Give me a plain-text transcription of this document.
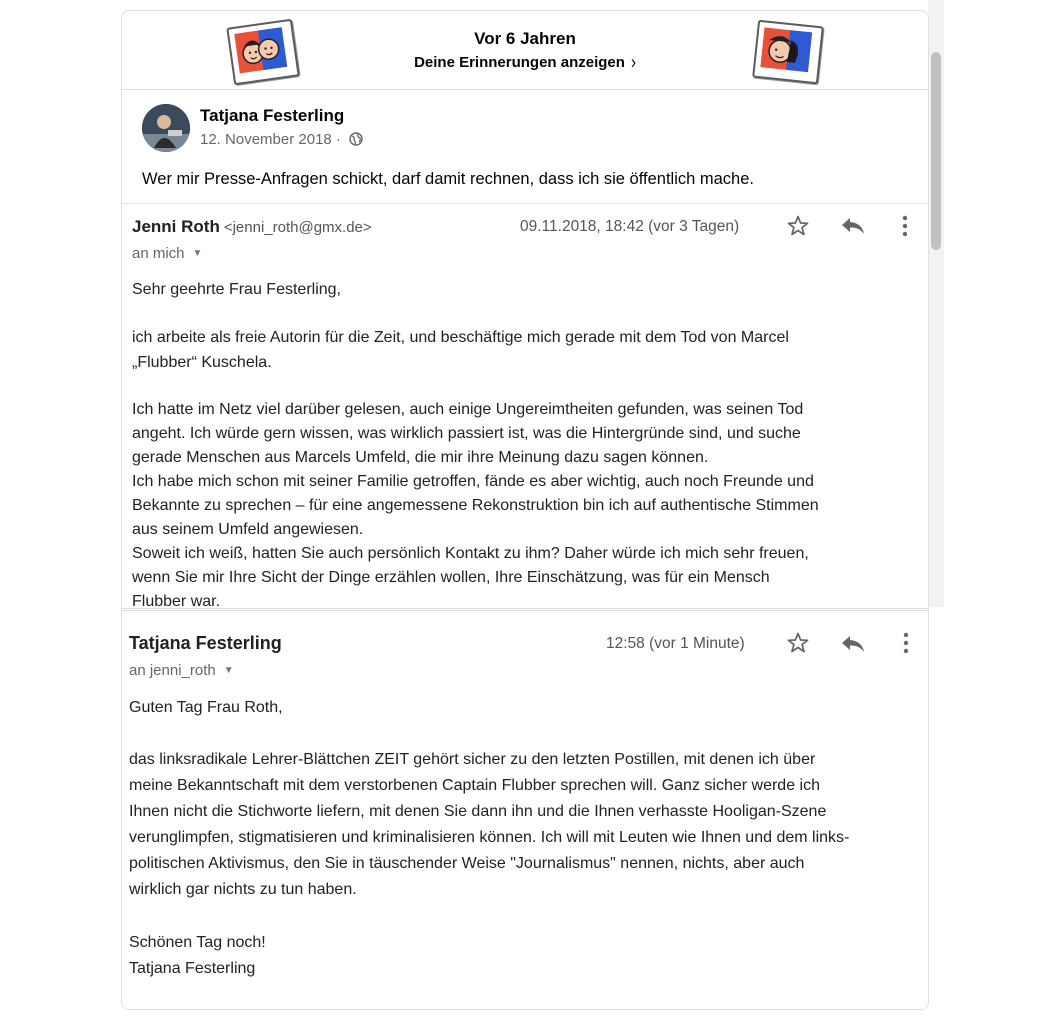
Vor 6 Jahren
Deine Erinnerungen anzeigen ›
Tatjana Festerling
12. November 2018 ·
Wer mir Presse-Anfragen schickt, darf damit rechnen, dass ich sie öffentlich mache.
Jenni Roth <jenni_roth@gmx.de>	09.11.2018, 18:42 (vor 3 Tagen)
an mich ▼
Sehr geehrte Frau Festerling,
ich arbeite als freie Autorin für die Zeit, und beschäftige mich gerade mit dem Tod von Marcel
„Flubber“ Kuschela.
Ich hatte im Netz viel darüber gelesen, auch einige Ungereimtheiten gefunden, was seinen Tod
angeht. Ich würde gern wissen, was wirklich passiert ist, was die Hintergründe sind, und suche
gerade Menschen aus Marcels Umfeld, die mir ihre Meinung dazu sagen können.
Ich habe mich schon mit seiner Familie getroffen, fände es aber wichtig, auch noch Freunde und
Bekannte zu sprechen – für eine angemessene Rekonstruktion bin ich auf authentische Stimmen
aus seinem Umfeld angewiesen.
Soweit ich weiß, hatten Sie auch persönlich Kontakt zu ihm? Daher würde ich mich sehr freuen,
wenn Sie mir Ihre Sicht der Dinge erzählen wollen, Ihre Einschätzung, was für ein Mensch
Flubber war.
Tatjana Festerling	12:58 (vor 1 Minute)
an jenni_roth ▼
Guten Tag Frau Roth,
das linksradikale Lehrer-Blättchen ZEIT gehört sicher zu den letzten Postillen, mit denen ich über
meine Bekanntschaft mit dem verstorbenen Captain Flubber sprechen will. Ganz sicher werde ich
Ihnen nicht die Stichworte liefern, mit denen Sie dann ihn und die Ihnen verhasste Hooligan-Szene
verunglimpfen, stigmatisieren und kriminalisieren können. Ich will mit Leuten wie Ihnen und dem links-
politischen Aktivismus, den Sie in täuschender Weise "Journalismus" nennen, nichts, aber auch
wirklich gar nichts zu tun haben.
Schönen Tag noch!
Tatjana Festerling
